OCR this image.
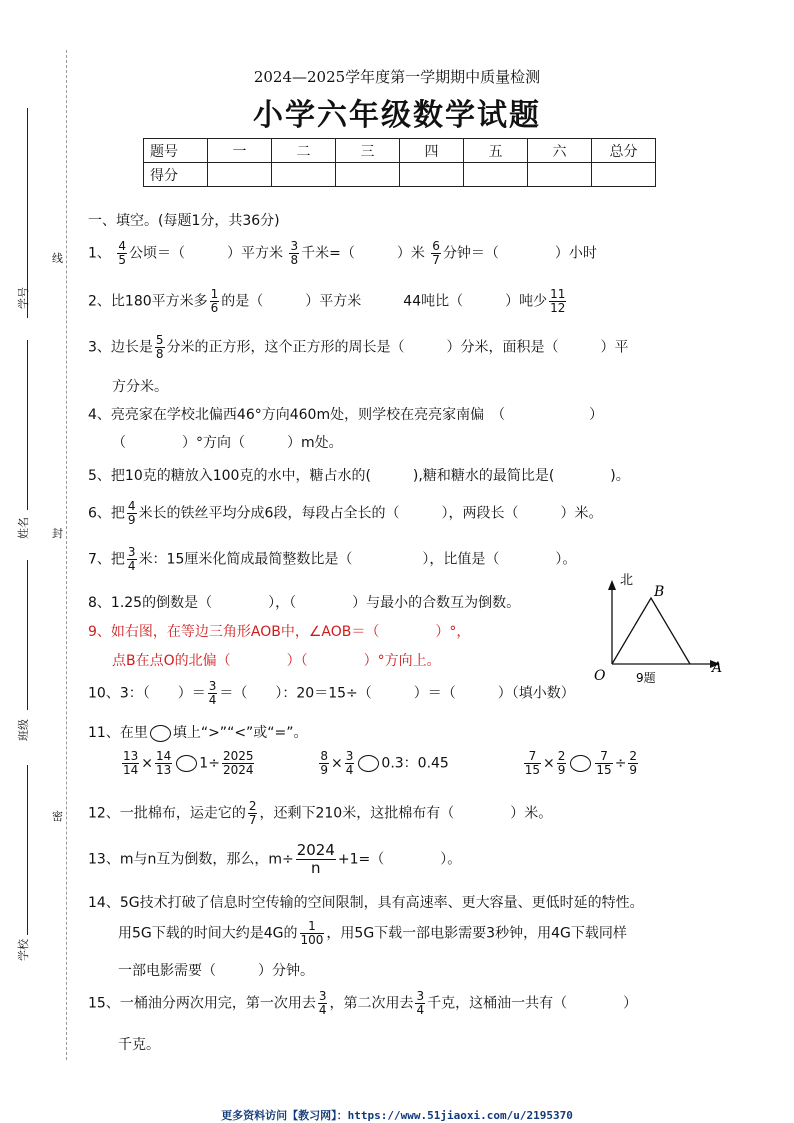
学号
线
姓名 封
班级
密
学校
2024—2025学年度第一学期期中质量检测
小学六年级数学试题
题号	一	二	三	四	五	六	总分
得分							
一、填空。(每题1分，共36分)
1、 $\frac{4}{5}$ 公顷＝（　　　）平方米 $\frac{3}{8}$ 千米=（　　　）米 $\frac{6}{7}$ 分钟＝（　　　　）小时
2、比180平方米多 $\frac{1}{6}$ 的是（　　　）平方米　　　44吨比（　　　）吨少 $\frac{11}{12}$
3、边长是 $\frac{5}{8}$ 分米的正方形，这个正方形的周长是（　　　）分米，面积是（　　　）平
方分米。
4、亮亮家在学校北偏西46°方向460m处，则学校在亮亮家南偏　（　　　　　　）
（　　　　）°方向（　　　）m处。
5、把10克的糖放入100克的水中，糖占水的(　　　),糖和糖水的最简比是(　　　　)。
6、把 $\frac{4}{9}$ 米长的铁丝平均分成6段，每段占全长的（　　　），两段长（　　　）米。
7、把 $\frac{3}{4}$ 米：15厘米化简成最简整数比是（　　　　　），比值是（　　　　）。
8、1.25的倒数是（　　　　），（　　　　）与最小的合数互为倒数。
9、如右图，在等边三角形AOB中，∠AOB＝（　　　　）°，
点B在点O的北偏（　　　　）（　　　　）°方向上。
北
B
O	A
9题
10、3：（　　）＝ $\frac{3}{4}$ ＝（　　）：20＝15÷（　　　）＝（　　　）（填小数）
11、在里 填上“>”“<”或“=”。
$\frac{13}{14} \times \frac{14}{13} 1\div \frac{2025}{2024}$
	$\frac{8}{9} \times \frac{3}{4} 0.3$：0.45	$\frac{7}{15} \times \frac{2}{9} \frac{7}{15} \div \frac{2}{9}$
12、一批棉布，运走它的 $\frac{2}{7}$ ，还剩下210米，这批棉布有（　　　　）米。
13、m与n互为倒数，那么，$m\div \frac{2024}{n} +1=$（　　　　）。
14、5G技术打破了信息时空传输的空间限制，具有高速率、更大容量、更低时延的特性。
用5G下载的时间大约是4G的 $\frac{1}{100}$ ，用5G下载一部电影需要3秒钟，用4G下载同样
一部电影需要（　　　）分钟。
15、一桶油分两次用完，第一次用去 $\frac{3}{4}$ ，第二次用去 $\frac{3}{4}$ 千克，这桶油一共有（　　　　）
千克。
更多资料访问【教习网】：https://www.51jiaoxi.com/u/2195370
